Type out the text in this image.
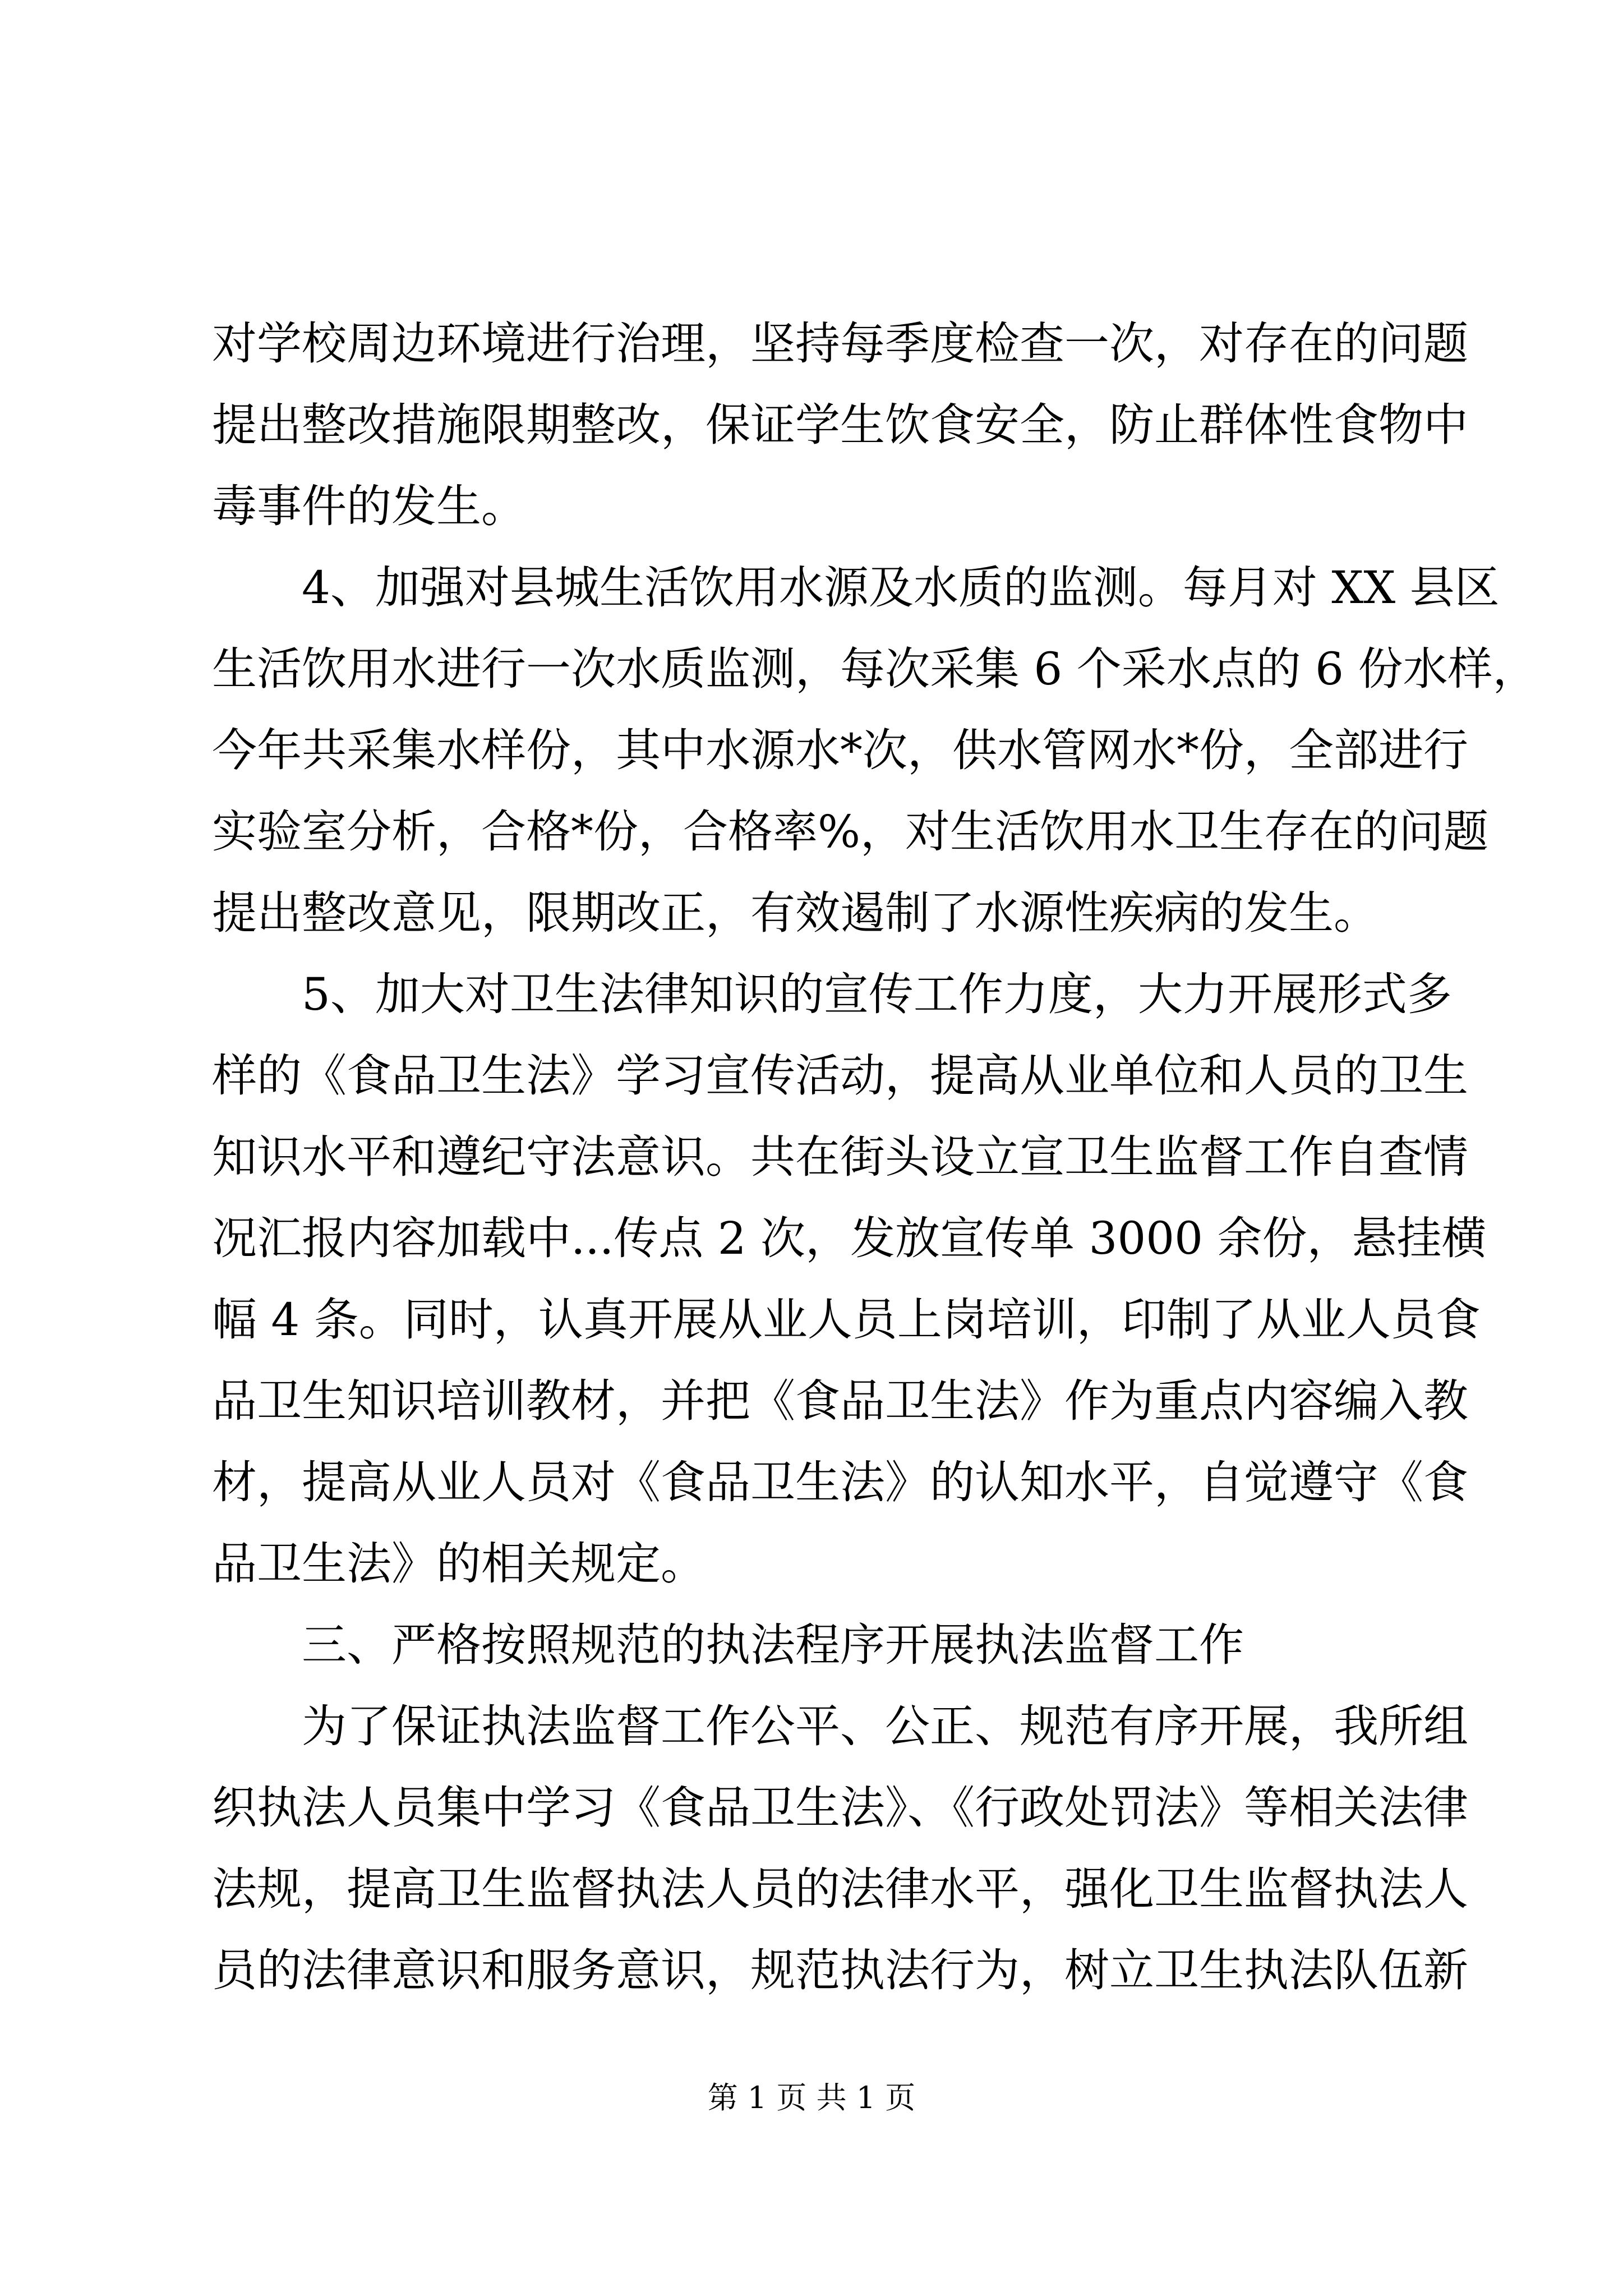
对学校周边环境进行治理，坚持每季度检查一次，对存在的问题
提出整改措施限期整改，保证学生饮食安全，防止群体性食物中
毒事件的发生。
　　4、加强对县城生活饮用水源及水质的监测。每月对 XX 县区
生活饮用水进行一次水质监测，每次采集 6 个采水点的 6 份水样，
今年共采集水样份，其中水源水*次，供水管网水*份，全部进行
实验室分析，合格*份，合格率%，对生活饮用水卫生存在的问题
提出整改意见，限期改正，有效遏制了水源性疾病的发生。
　　5、加大对卫生法律知识的宣传工作力度，大力开展形式多
样的《食品卫生法》学习宣传活动，提高从业单位和人员的卫生
知识水平和遵纪守法意识。共在街头设立宣卫生监督工作自查情
况汇报内容加载中...传点 2 次，发放宣传单 3000 余份，悬挂横
幅 4 条。同时，认真开展从业人员上岗培训，印制了从业人员食
品卫生知识培训教材，并把《食品卫生法》作为重点内容编入教
材，提高从业人员对《食品卫生法》的认知水平，自觉遵守《食
品卫生法》的相关规定。
　　三、严格按照规范的执法程序开展执法监督工作
　　为了保证执法监督工作公平、公正、规范有序开展，我所组
织执法人员集中学习《食品卫生法》、《行政处罚法》等相关法律
法规，提高卫生监督执法人员的法律水平，强化卫生监督执法人
员的法律意识和服务意识，规范执法行为，树立卫生执法队伍新
第 1 页 共 1 页
